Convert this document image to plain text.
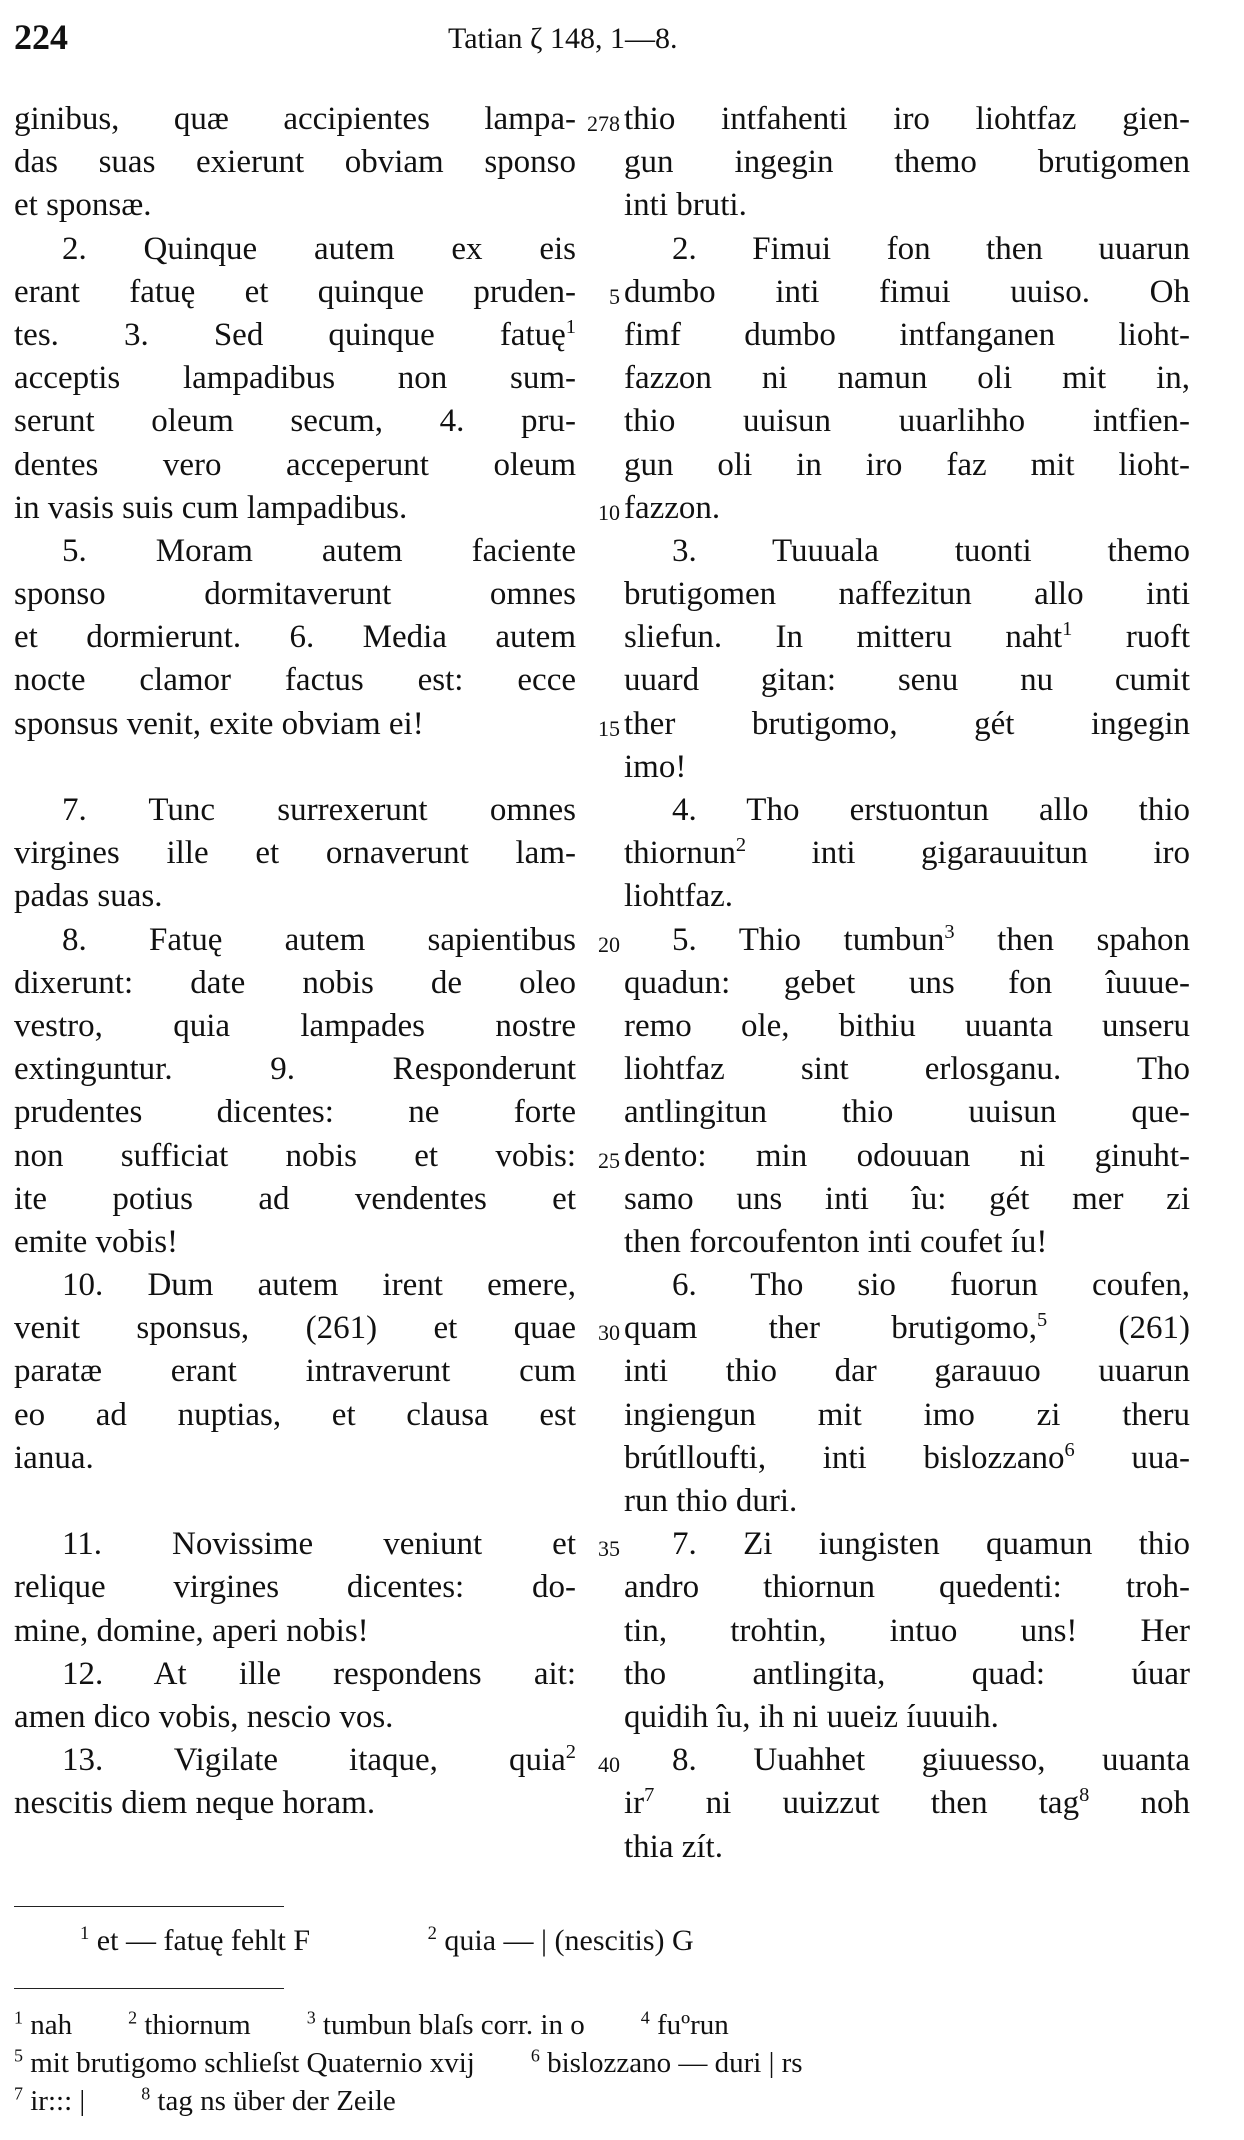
224	Tatian ζ 148, 1—8.
ginibus, quæ accipientes lampa-
das suas exierunt obviam sponso
et sponsæ.
2. Quinque autem ex eis
erant fatuę et quinque pruden-
tes. 3. Sed quinque fatuę$^1$
acceptis lampadibus non sum-
serunt oleum secum, 4. pru-
dentes vero acceperunt oleum
in vasis suis cum lampadibus.
5. Moram autem faciente
sponso dormitaverunt omnes
et dormierunt. 6. Media autem
nocte clamor factus est: ecce
sponsus venit, exite obviam ei!
7. Tunc surrexerunt omnes
virgines ille et ornaverunt lam-
padas suas.
8. Fatuę autem sapientibus
dixerunt: date nobis de oleo
vestro, quia lampades nostre
extinguntur. 9. Responderunt
prudentes dicentes: ne forte
non sufficiat nobis et vobis:
ite potius ad vendentes et
emite vobis!
10. Dum autem irent emere,
venit sponsus, (261) et quae
paratæ erant intraverunt cum
eo ad nuptias, et clausa est
ianua.
11. Novissime veniunt et
relique virgines dicentes: do-
mine, domine, aperi nobis!
12. At ille respondens ait:
amen dico vobis, nescio vos.
13. Vigilate itaque, quia$^2$
nescitis diem neque horam.
278
5
10
15
20
25
30
35
40
thio intfahenti iro liohtfaz gien-
gun ingegin themo brutigomen
inti bruti.
2. Fimui fon then uuarun
dumbo inti fimui uuiso. Oh
fimf dumbo intfanganen lioht-
fazzon ni namun oli mit in,
thio uuisun uuarlihho intfien-
gun oli in iro faz mit lioht-
fazzon.
3. Tuuuala tuonti themo
brutigomen naffezitun allo inti
sliefun. In mitteru naht$^1$ ruoft
uuard gitan: senu nu cumit
ther brutigomo, gét ingegin
imo!
4. Tho erstuontun allo thio
thiornun$^2$ inti gigarauuitun iro
liohtfaz.
5. Thio tumbun$^3$ then spahon
quadun: gebet uns fon îuuue-
remo ole, bithiu uuanta unseru
liohtfaz sint erlosganu. Tho
antlingitun thio uuisun que-
dento: min odouuan ni ginuht-
samo uns inti îu: gét mer zi
then forcoufenton inti coufet íu!
6. Tho sio fuorun coufen,
quam ther brutigomo,$^5$ (261)
inti thio dar garauuo uuarun
ingiengun mit imo zi theru
brútlloufti, inti bislozzano$^6$ uua-
run thio duri.
7. Zi iungisten quamun thio
andro thiornun quedenti: troh-
tin, trohtin, intuo uns! Her
tho antlingita, quad: úuar
quidih îu, ih ni uueiz íuuuih.
8. Uuahhet giuuesso, uuanta
$ir^7$ ni uuizzut then tag$^8$ noh
thia zít.
$^1$ et — fatuę fehlt F	$^2$ quia — | (nescitis) G
$^1$ nah	$^2$ thiornum	$^3$ tumbun blaſs corr. in o	$^4$ fuºrun
$^5$ mit brutigomo schlieſst Quaternio xvij	$^6$ bislozzano — duri | rs
$^7$ ir::: |	$^8$ tag ns über der Zeile
